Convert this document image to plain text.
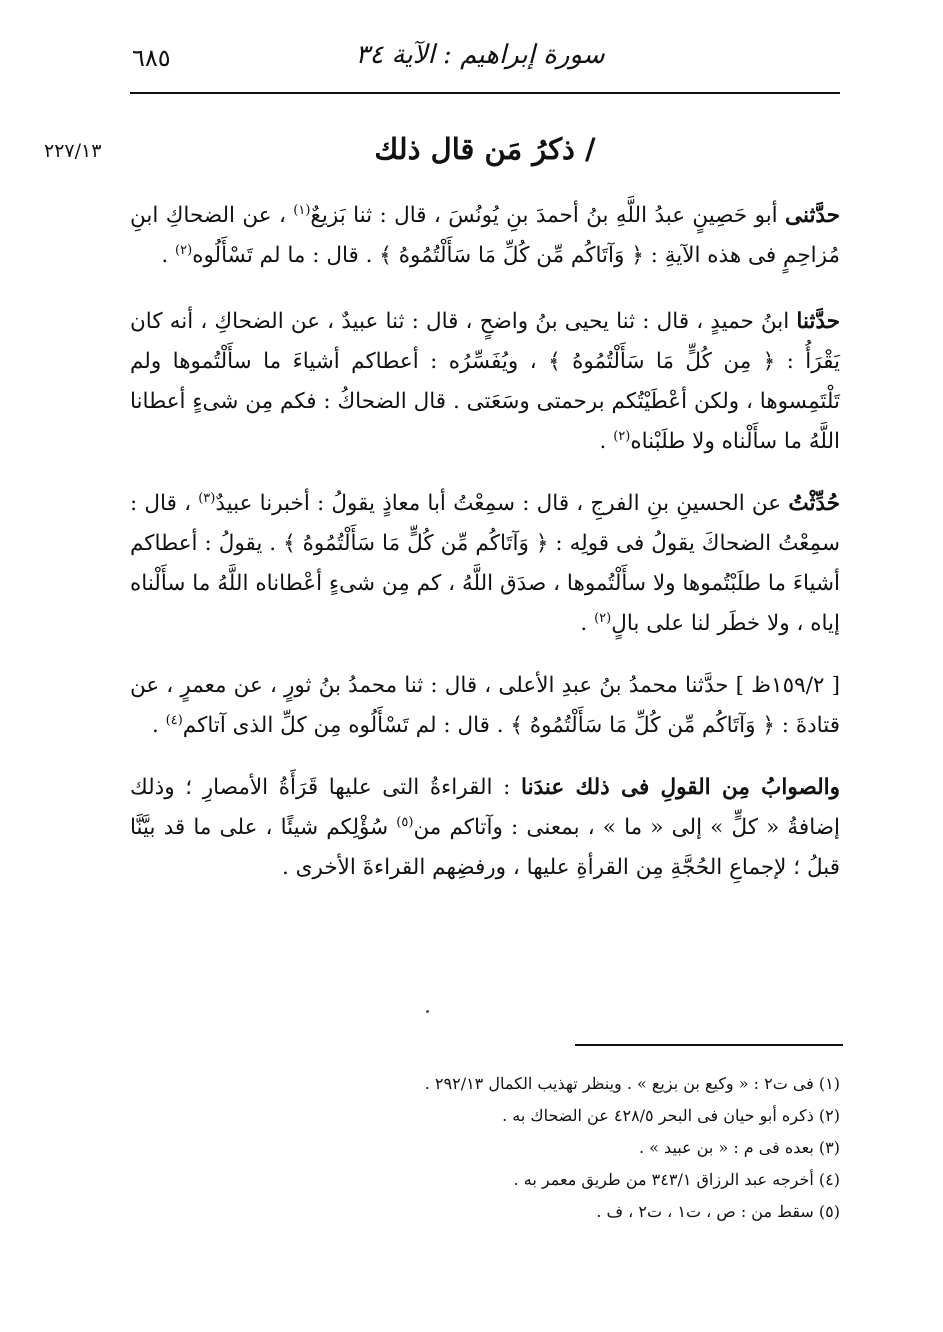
٦٨٥	سورة إبراهيم : الآية ٣٤
٢٢٧/١٣	/ ذكرُ مَن قال ذلك

حدَّثنى أبو حَصِينٍ عبدُ اللَّهِ بنُ أحمدَ بنِ يُونُسَ ، قال : ثنا بَزيعٌ$^{(١)}$ ، عن الضحاكِ ابنِ مُزاحِمٍ فى هذه الآيةِ : ﴿ وَآتَاكُم مِّن كُلِّ مَا سَأَلْتُمُوهُ ﴾ . قال : ما لم تَسْأَلُوه$^{(٢)}$ .

حدَّثنا ابنُ حميدٍ ، قال : ثنا يحيى بنُ واضحٍ ، قال : ثنا عبيدٌ ، عن الضحاكِ ، أنه كان يَقْرَأُ : ﴿ مِن كُلٍّ مَا سَأَلْتُمُوهُ ﴾ ، ويُفَسِّرُه : أعطاكم أشياءَ ما سأَلْتُموها ولم تَلْتَمِسوها ، ولكن أعْطَيْتُكم برحمتى وسَعَتى . قال الضحاكُ : فكم مِن شىءٍ أعطانا اللَّهُ ما سأَلْناه ولا طلَبْناه$^{(٢)}$ .

حُدِّثْتُ عن الحسينِ بنِ الفرجِ ، قال : سمِعْتُ أبا معاذٍ يقولُ : أخبرنا عبيدٌ$^{(٣)}$ ، قال : سمِعْتُ الضحاكَ يقولُ فى قولِه : ﴿ وَآتَاكُم مِّن كُلٍّ مَا سَأَلْتُمُوهُ ﴾ . يقولُ : أعطاكم أشياءَ ما طلَبْتُموها ولا سأَلْتُموها ، صدَق اللَّهُ ، كم مِن شىءٍ أعْطاناه اللَّهُ ما سأَلْناه إياه ، ولا خطَر لنا على بالٍ$^{(٢)}$ .

[ ١٥٩/٢ظ ] حدَّثنا محمدُ بنُ عبدِ الأعلى ، قال : ثنا محمدُ بنُ ثورٍ ، عن معمرٍ ، عن قتادةَ : ﴿ وَآتَاكُم مِّن كُلِّ مَا سَأَلْتُمُوهُ ﴾ . قال : لم تَسْأَلُوه مِن كلِّ الذى آتاكم$^{(٤)}$ .

والصوابُ مِن القولِ فى ذلك عندَنا : القراءةُ التى عليها قَرَأَةُ الأمصارِ ؛ وذلك إضافةُ « كلٍّ » إلى « ما » ، بمعنى : وآتاكم من$^{(٥)}$ سُؤْلِكم شيئًا ، على ما قد بيَّنَّا قبلُ ؛ لإجماعِ الحُجَّةِ مِن القرأةِ عليها ، ورفضِهم القراءةَ الأخرى .

(١) فى ت٢ : « وكيع بن بزيع » . وينظر تهذيب الكمال ٢٩٢/١٣ .

(٢) ذكره أبو حيان فى البحر ٤٢٨/٥ عن الضحاك به .

(٣) بعده فى م : « بن عبيد » .

(٤) أخرجه عبد الرزاق ٣٤٣/١ من طريق معمر به .

(٥) سقط من : ص ، ت١ ، ت٢ ، ف .
